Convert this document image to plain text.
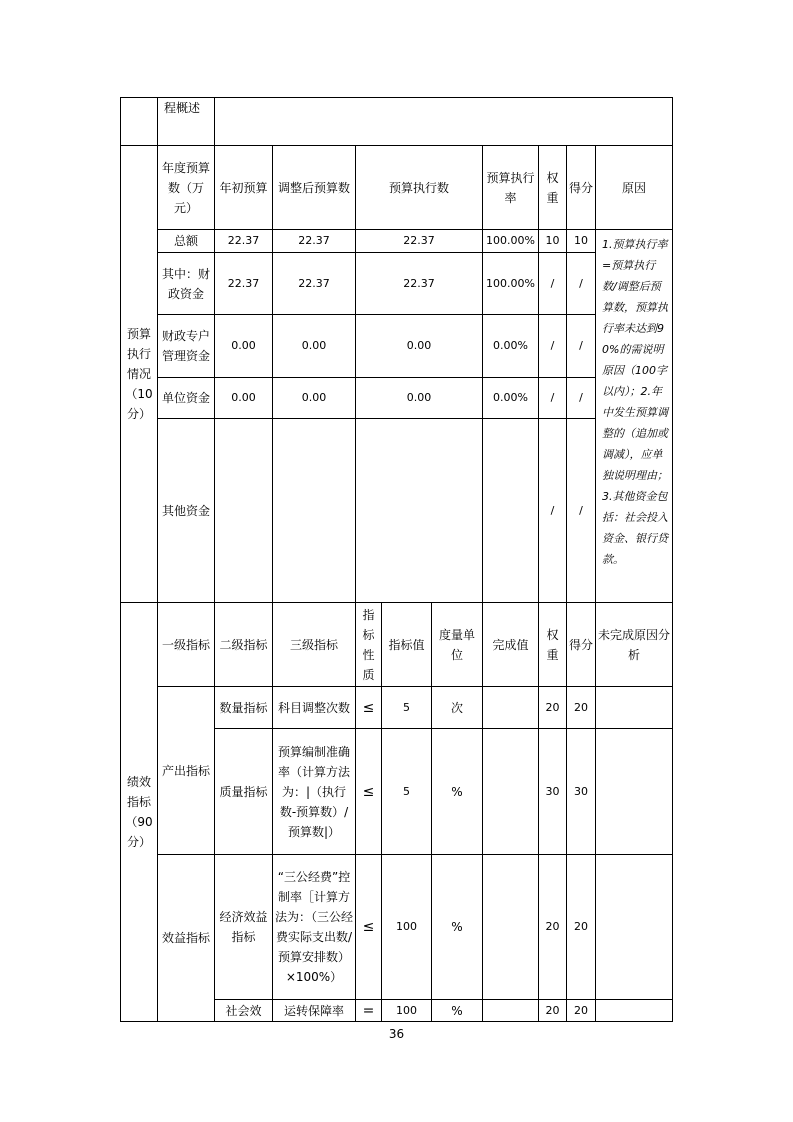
	程概述									
预算执行情况（10分）	年度预算数（万元）	年初预算	调整后预算数	预算执行数			预算执行率	权重	得分	原因
	总额	22.37	22.37	22.37			100.00%	10	10	1.预算执行率=预算执行数/调整后预算数，预算执行率未达到90%的需说明原因（100字以内）；2.年中发生预算调整的（追加或调减），应单独说明理由；3.其他资金包括：社会投入资金、银行贷款。
	其中：财政资金	22.37	22.37	22.37			100.00%	/	/	
	财政专户管理资金	0.00	0.00	0.00			0.00%	/	/	
	单位资金	0.00	0.00	0.00			0.00%	/	/	
	其他资金							/	/	
绩效指标（90分）	一级指标	二级指标	三级指标	指标性质	指标值	度量单位	完成值	权重	得分	未完成原因分析
	产出指标	数量指标	科目调整次数	≤	5	次		20	20	
		质量指标	预算编制准确率（计算方法为：|（执行数-预算数）/预算数|）	≤	5	%		30	30	
	效益指标	经济效益指标	“三公经费”控制率［计算方法为：（三公经费实际支出数/预算安排数）×100%）	≤	100	%		20	20	
		社会效	运转保障率	=	100	%		20	20	
36
